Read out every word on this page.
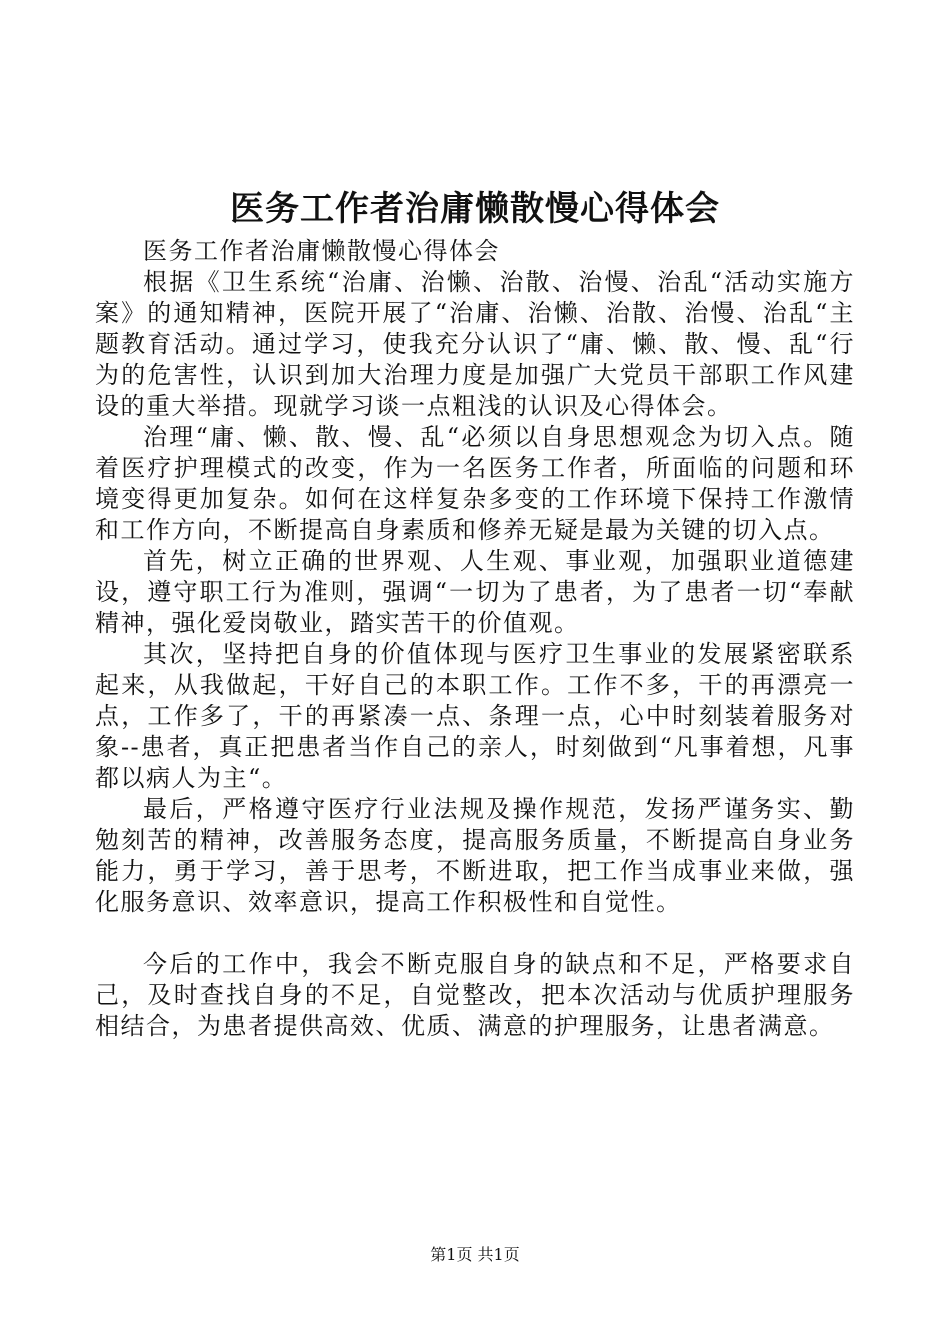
医务工作者治庸懒散慢心得体会

医务工作者治庸懒散慢心得体会

根据《卫生系统“治庸、治懒、治散、治慢、治乱“活动实施方案》的通知精神，医院开展了“治庸、治懒、治散、治慢、治乱“主题教育活动。通过学习，使我充分认识了“庸、懒、散、慢、乱“行为的危害性，认识到加大治理力度是加强广大党员干部职工作风建设的重大举措。现就学习谈一点粗浅的认识及心得体会。

治理“庸、懒、散、慢、乱“必须以自身思想观念为切入点。随着医疗护理模式的改变，作为一名医务工作者，所面临的问题和环境变得更加复杂。如何在这样复杂多变的工作环境下保持工作激情和工作方向，不断提高自身素质和修养无疑是最为关键的切入点。

首先，树立正确的世界观、人生观、事业观，加强职业道德建设，遵守职工行为准则，强调“一切为了患者，为了患者一切“奉献精神，强化爱岗敬业，踏实苦干的价值观。

其次，坚持把自身的价值体现与医疗卫生事业的发展紧密联系起来，从我做起，干好自己的本职工作。工作不多，干的再漂亮一点，工作多了，干的再紧凑一点、条理一点，心中时刻装着服务对象--患者，真正把患者当作自己的亲人，时刻做到“凡事着想，凡事都以病人为主“。

最后，严格遵守医疗行业法规及操作规范，发扬严谨务实、勤勉刻苦的精神，改善服务态度，提高服务质量，不断提高自身业务能力，勇于学习，善于思考，不断进取，把工作当成事业来做，强化服务意识、效率意识，提高工作积极性和自觉性。

今后的工作中，我会不断克服自身的缺点和不足，严格要求自己，及时查找自身的不足，自觉整改，把本次活动与优质护理服务相结合，为患者提供高效、优质、满意的护理服务，让患者满意。

第1页 共1页
